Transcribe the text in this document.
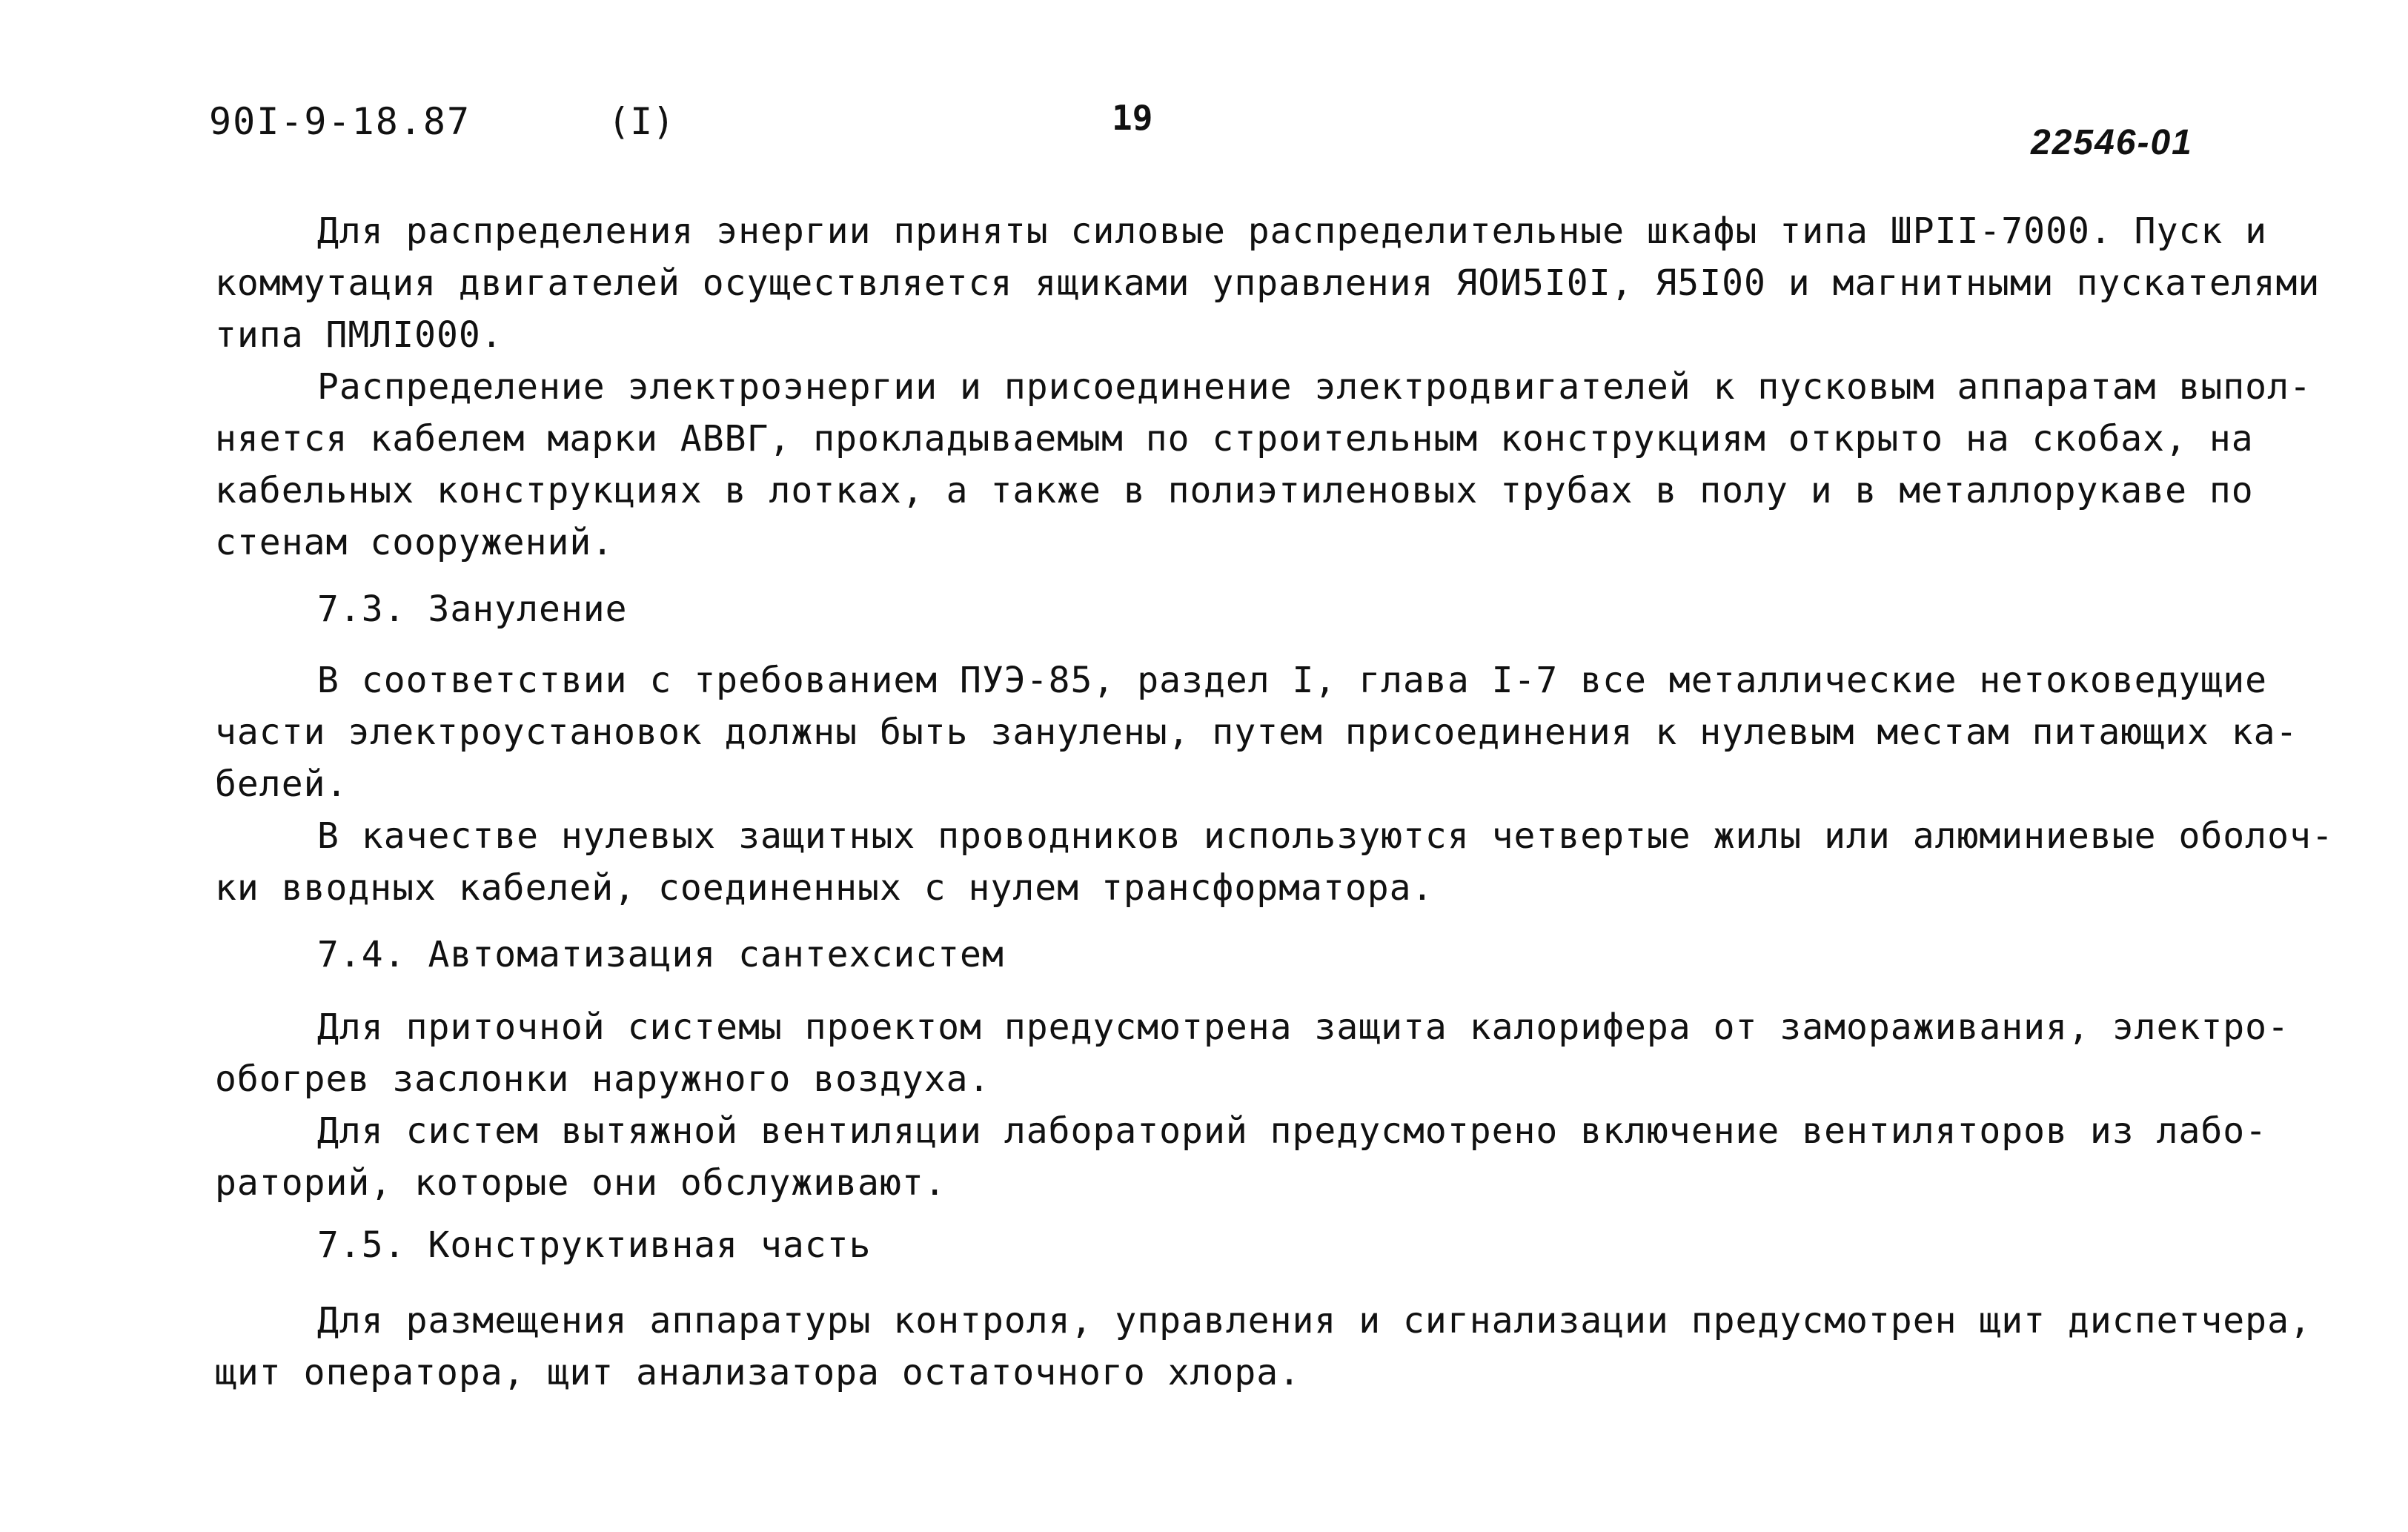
90I-9-18.87	(I)	19
22546-01
Для распределения энергии приняты силовые распределительные шкафы типа ШРII-7000. Пуск и
коммутация двигателей осуществляется ящиками управления ЯОИ5I0I, Я5I00 и магнитными пускателями
типа ПМЛI000.
Распределение электроэнергии и присоединение электродвигателей к пусковым аппаратам выпол-
няется кабелем марки АВВГ, прокладываемым по строительным конструкциям открыто на скобах, на
кабельных конструкциях в лотках, а также в полиэтиленовых трубах в полу и в металлорукаве по
стенам сооружений.
7.3. Зануление
В соответствии с требованием ПУЭ-85, раздел I, глава I-7 все металлические нетоковедущие
части электроустановок должны быть занулены, путем присоединения к нулевым местам питающих ка-
белей.
В качестве нулевых защитных проводников используются четвертые жилы или алюминиевые оболоч-
ки вводных кабелей, соединенных с нулем трансформатора.
7.4. Автоматизация сантехсистем
Для приточной системы проектом предусмотрена защита калорифера от замораживания, электро-
обогрев заслонки наружного воздуха.
Для систем вытяжной вентиляции лабораторий предусмотрено включение вентиляторов из лабо-
раторий, которые они обслуживают.
7.5. Конструктивная часть
Для размещения аппаратуры контроля, управления и сигнализации предусмотрен щит диспетчера,
щит оператора, щит анализатора остаточного хлора.
